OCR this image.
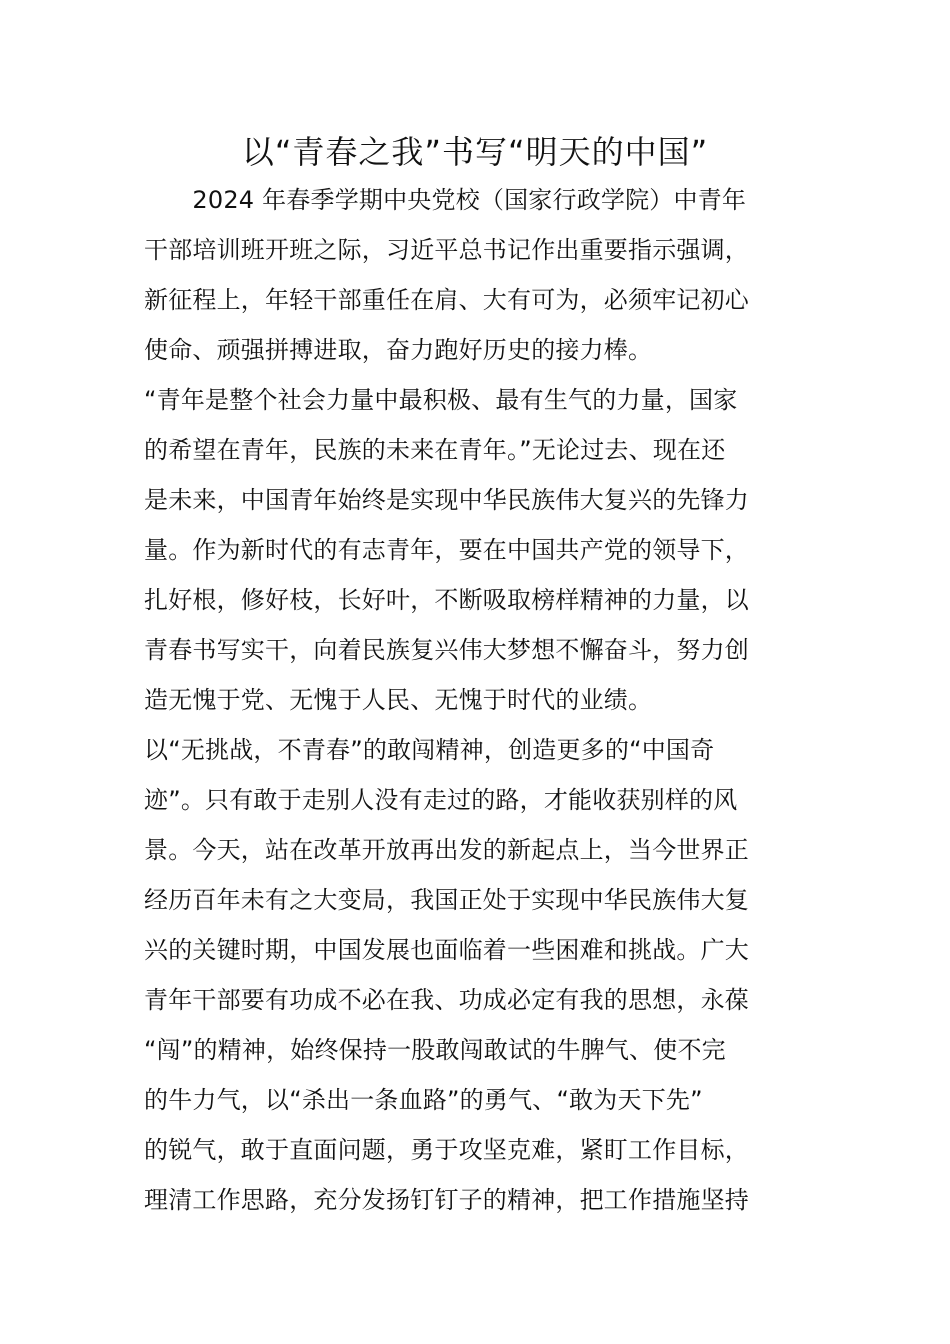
以“青春之我”书写“明天的中国”

　　2024 年春季学期中央党校（国家行政学院）中青年
干部培训班开班之际，习近平总书记作出重要指示强调，
新征程上，年轻干部重任在肩、大有可为，必须牢记初心
使命、顽强拼搏进取，奋力跑好历史的接力棒。

“青年是整个社会力量中最积极、最有生气的力量，国家
的希望在青年，民族的未来在青年。”无论过去、现在还
是未来，中国青年始终是实现中华民族伟大复兴的先锋力
量。作为新时代的有志青年，要在中国共产党的领导下，
扎好根，修好枝，长好叶，不断吸取榜样精神的力量，以
青春书写实干，向着民族复兴伟大梦想不懈奋斗，努力创
造无愧于党、无愧于人民、无愧于时代的业绩。

以“无挑战，不青春”的敢闯精神，创造更多的“中国奇
迹”。只有敢于走别人没有走过的路，才能收获别样的风
景。今天，站在改革开放再出发的新起点上，当今世界正
经历百年未有之大变局，我国正处于实现中华民族伟大复
兴的关键时期，中国发展也面临着一些困难和挑战。广大
青年干部要有功成不必在我、功成必定有我的思想，永葆
“闯”的精神，始终保持一股敢闯敢试的牛脾气、使不完
的牛力气，以“杀出一条血路”的勇气、“敢为天下先”
的锐气，敢于直面问题，勇于攻坚克难，紧盯工作目标，
理清工作思路，充分发扬钉钉子的精神，把工作措施坚持
